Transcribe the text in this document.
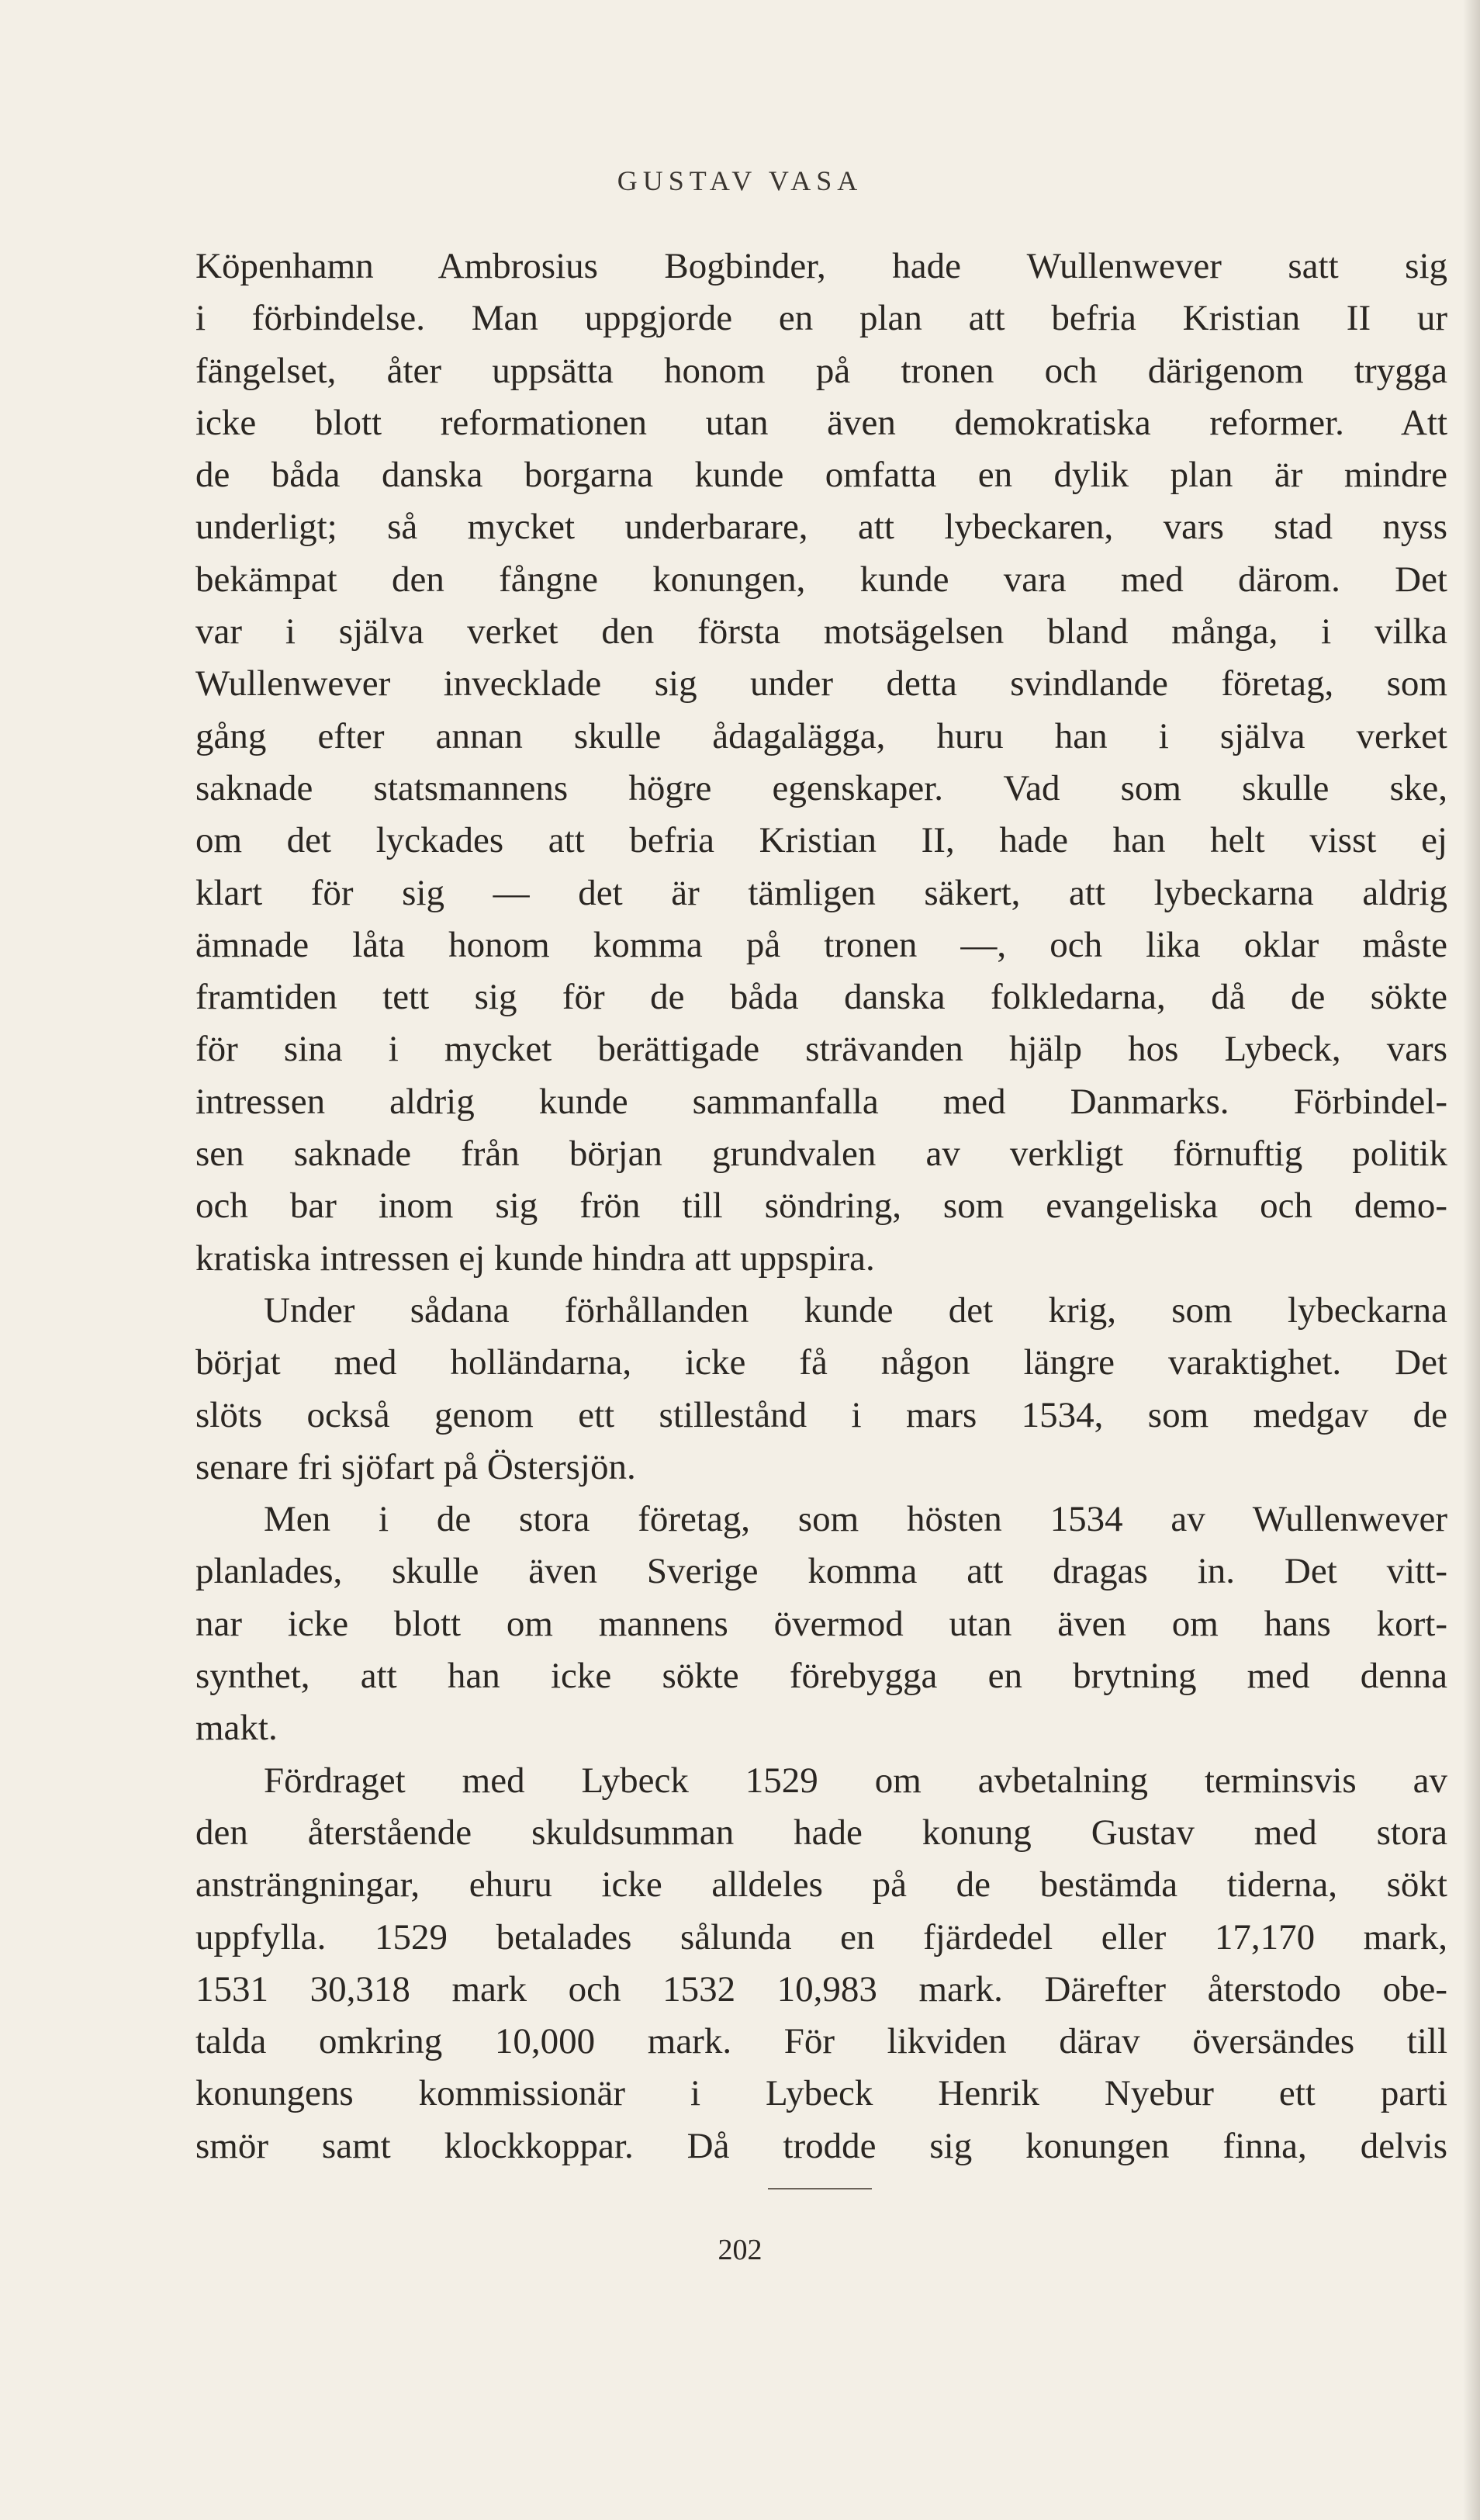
GUSTAV VASA
Köpenhamn Ambrosius Bogbinder, hade Wullenwever satt sig
i förbindelse. Man uppgjorde en plan att befria Kristian II ur
fängelset, åter uppsätta honom på tronen och därigenom trygga
icke blott reformationen utan även demokratiska reformer. Att
de båda danska borgarna kunde omfatta en dylik plan är mindre
underligt; så mycket underbarare, att lybeckaren, vars stad nyss
bekämpat den fångne konungen, kunde vara med därom. Det
var i själva verket den första motsägelsen bland många, i vilka
Wullenwever invecklade sig under detta svindlande företag, som
gång efter annan skulle ådagalägga, huru han i själva verket
saknade statsmannens högre egenskaper. Vad som skulle ske,
om det lyckades att befria Kristian II, hade han helt visst ej
klart för sig — det är tämligen säkert, att lybeckarna aldrig
ämnade låta honom komma på tronen —, och lika oklar måste
framtiden tett sig för de båda danska folkledarna, då de sökte
för sina i mycket berättigade strävanden hjälp hos Lybeck, vars
intressen aldrig kunde sammanfalla med Danmarks. Förbindel-
sen saknade från början grundvalen av verkligt förnuftig politik
och bar inom sig frön till söndring, som evangeliska och demo-
kratiska intressen ej kunde hindra att uppspira.
Under sådana förhållanden kunde det krig, som lybeckarna
börjat med holländarna, icke få någon längre varaktighet. Det
slöts också genom ett stillestånd i mars 1534, som medgav de
senare fri sjöfart på Östersjön.
Men i de stora företag, som hösten 1534 av Wullenwever
planlades, skulle även Sverige komma att dragas in. Det vitt-
nar icke blott om mannens övermod utan även om hans kort-
synthet, att han icke sökte förebygga en brytning med denna
makt.
Fördraget med Lybeck 1529 om avbetalning terminsvis av
den återstående skuldsumman hade konung Gustav med stora
ansträngningar, ehuru icke alldeles på de bestämda tiderna, sökt
uppfylla. 1529 betalades sålunda en fjärdedel eller 17,170 mark,
1531 30,318 mark och 1532 10,983 mark. Därefter återstodo obe-
talda omkring 10,000 mark. För likviden därav översändes till
konungens kommissionär i Lybeck Henrik Nyebur ett parti
smör samt klockkoppar. Då trodde sig konungen finna, delvis
202
